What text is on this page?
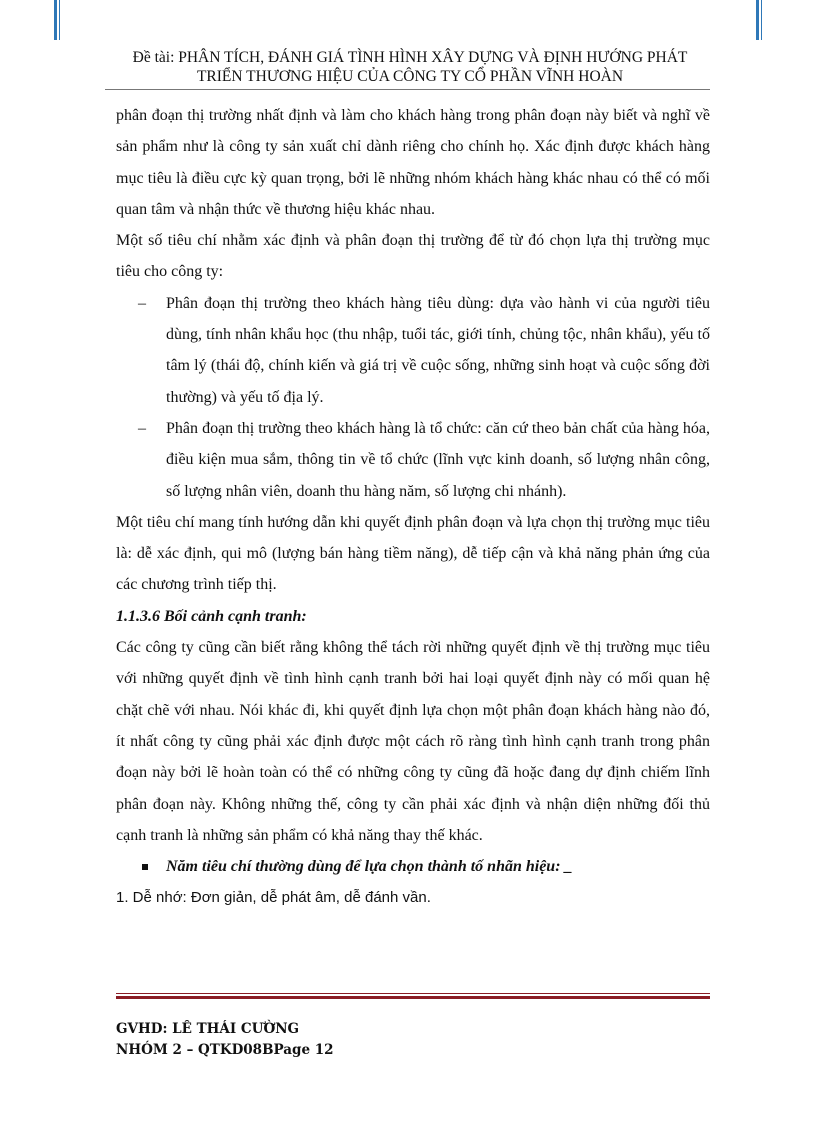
Đề tài: PHÂN TÍCH, ĐÁNH GIÁ TÌNH HÌNH XÂY DỰNG VÀ ĐỊNH HƯỚNG PHÁT
TRIỂN THƯƠNG HIỆU CỦA CÔNG TY CỔ PHẦN VĨNH HOÀN

phân đoạn thị trường nhất định và làm cho khách hàng trong phân đoạn này biết và nghĩ về sản phẩm như là công ty sản xuất chỉ dành riêng cho chính họ. Xác định được khách hàng mục tiêu là điều cực kỳ quan trọng, bởi lẽ những nhóm khách hàng khác nhau có thể có mối quan tâm và nhận thức về thương hiệu khác nhau.

Một số tiêu chí nhằm xác định và phân đoạn thị trường để từ đó chọn lựa thị trường mục tiêu cho công ty:

– Phân đoạn thị trường theo khách hàng tiêu dùng: dựa vào hành vi của người tiêu dùng, tính nhân khẩu học (thu nhập, tuổi tác, giới tính, chủng tộc, nhân khẩu), yếu tố tâm lý (thái độ, chính kiến và giá trị về cuộc sống, những sinh hoạt và cuộc sống đời thường) và yếu tố địa lý.
– Phân đoạn thị trường theo khách hàng là tổ chức: căn cứ theo bản chất của hàng hóa, điều kiện mua sắm, thông tin về tổ chức (lĩnh vực kinh doanh, số lượng nhân công, số lượng nhân viên, doanh thu hàng năm, số lượng chi nhánh).

Một tiêu chí mang tính hướng dẫn khi quyết định phân đoạn và lựa chọn thị trường mục tiêu là: dễ xác định, qui mô (lượng bán hàng tiềm năng), dễ tiếp cận và khả năng phản ứng của các chương trình tiếp thị.

1.1.3.6 Bối cảnh cạnh tranh:

Các công ty cũng cần biết rằng không thể tách rời những quyết định về thị trường mục tiêu với những quyết định về tình hình cạnh tranh bởi hai loại quyết định này có mối quan hệ chặt chẽ với nhau. Nói khác đi, khi quyết định lựa chọn một phân đoạn khách hàng nào đó, ít nhất công ty cũng phải xác định được một cách rõ ràng tình hình cạnh tranh trong phân đoạn này bởi lẽ hoàn toàn có thể có những công ty cũng đã hoặc đang dự định chiếm lĩnh phân đoạn này. Không những thế, công ty cần phải xác định và nhận diện những đối thủ cạnh tranh là những sản phẩm có khả năng thay thế khác.

Năm tiêu chí thường dùng để lựa chọn thành tố nhãn hiệu: _

1. Dễ nhớ: Đơn giản, dễ phát âm, dễ đánh vần.

GVHD: LÊ THÁI CƯỜNG
NHÓM 2 – QTKD08BPage 12
